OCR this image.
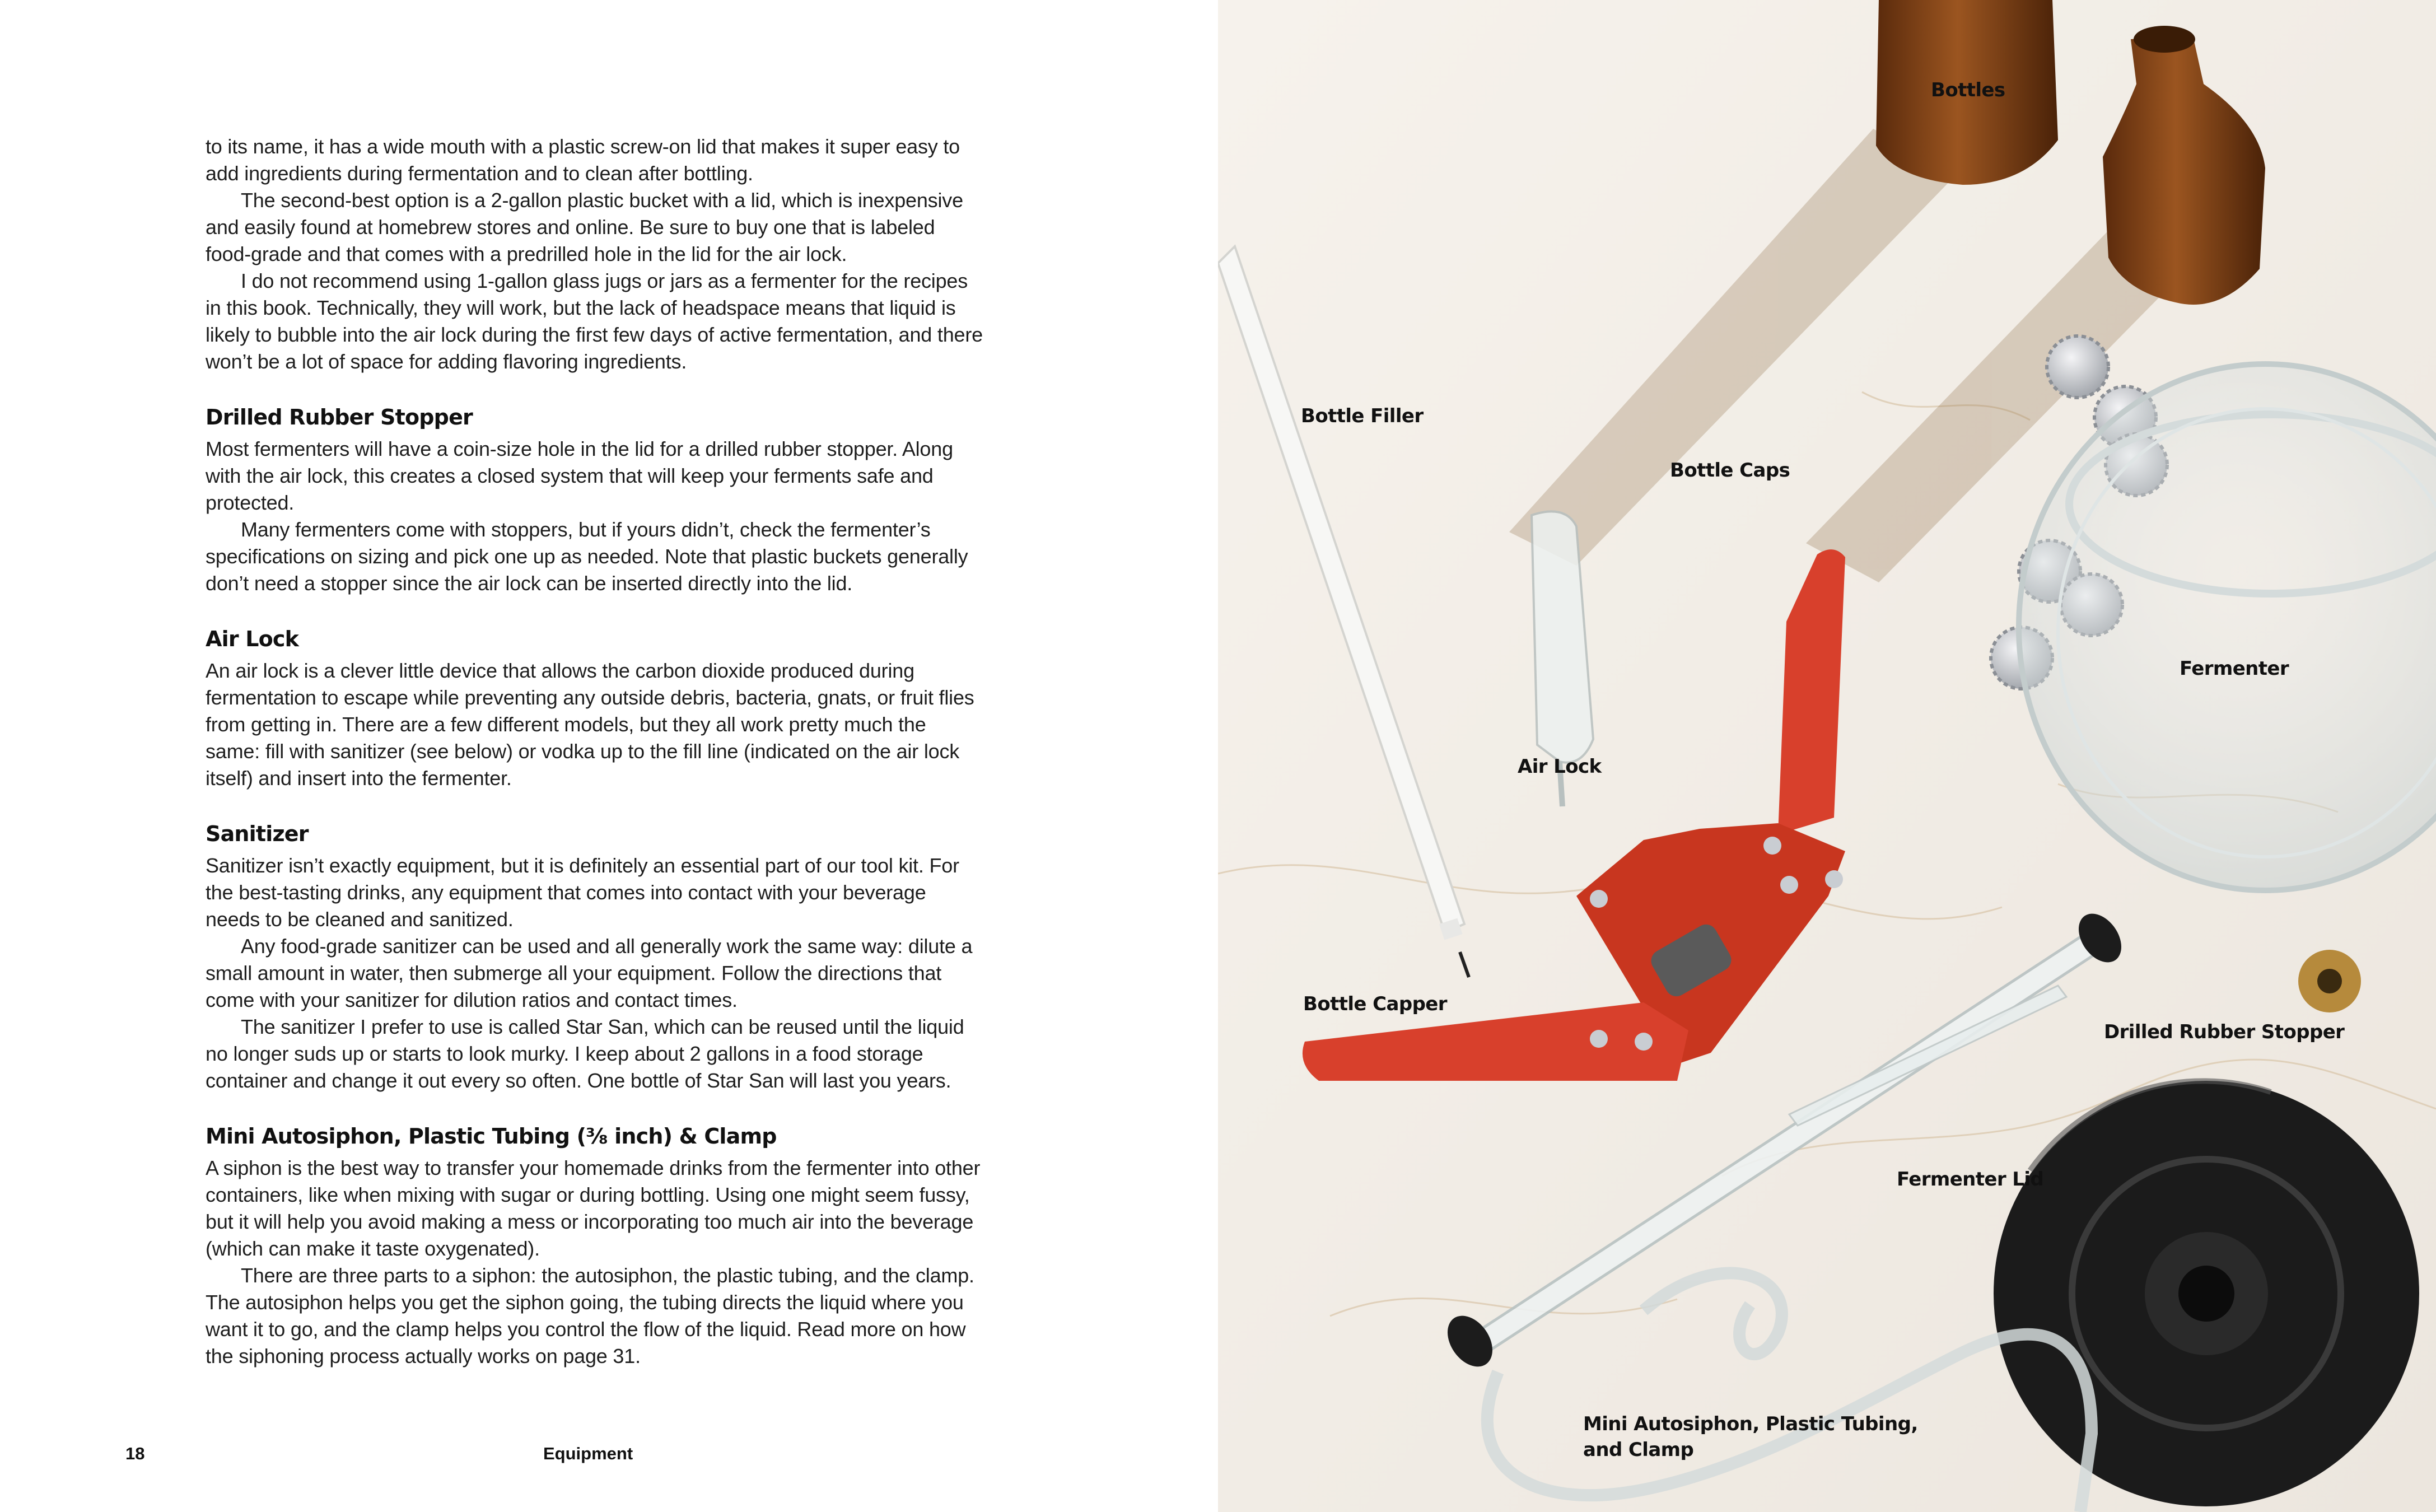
to its name, it has a wide mouth with a plastic screw-on lid that makes it super easy to add ingredients during fermentation and to clean after bottling.

The second-best option is a 2-gallon plastic bucket with a lid, which is inexpensive and easily found at homebrew stores and online. Be sure to buy one that is labeled food-grade and that comes with a predrilled hole in the lid for the air lock.

I do not recommend using 1-gallon glass jugs or jars as a fermenter for the recipes in this book. Technically, they will work, but the lack of headspace means that liquid is likely to bubble into the air lock during the first few days of active fermentation, and there won’t be a lot of space for adding flavoring ingredients.

Drilled Rubber Stopper

Most fermenters will have a coin-size hole in the lid for a drilled rubber stopper. Along with the air lock, this creates a closed system that will keep your ferments safe and protected.

Many fermenters come with stoppers, but if yours didn’t, check the fermenter’s specifications on sizing and pick one up as needed. Note that plastic buckets generally don’t need a stopper since the air lock can be inserted directly into the lid.

Air Lock

An air lock is a clever little device that allows the carbon dioxide produced during fermentation to escape while preventing any outside debris, bacteria, gnats, or fruit flies from getting in. There are a few different models, but they all work pretty much the same: fill with sanitizer (see below) or vodka up to the fill line (indicated on the air lock itself) and insert into the fermenter.

Sanitizer

Sanitizer isn’t exactly equipment, but it is definitely an essential part of our tool kit. For the best-tasting drinks, any equipment that comes into contact with your beverage needs to be cleaned and sanitized.

Any food-grade sanitizer can be used and all generally work the same way: dilute a small amount in water, then submerge all your equipment. Follow the directions that come with your sanitizer for dilution ratios and contact times.

The sanitizer I prefer to use is called Star San, which can be reused until the liquid no longer suds up or starts to look murky. I keep about 2 gallons in a food storage container and change it out every so often. One bottle of Star San will last you years.

Mini Autosiphon, Plastic Tubing (⅜ inch) & Clamp

A siphon is the best way to transfer your homemade drinks from the fermenter into other containers, like when mixing with sugar or during bottling. Using one might seem fussy, but it will help you avoid making a mess or incorporating too much air into the beverage (which can make it taste oxygenated).

There are three parts to a siphon: the autosiphon, the plastic tubing, and the clamp. The autosiphon helps you get the siphon going, the tubing directs the liquid where you want it to go, and the clamp helps you control the flow of the liquid. Read more on how the siphoning process actually works on page 31.

18	Equipment
Bottles
Bottle Filler
Bottle Caps
Fermenter
Air Lock
Bottle Capper
Drilled Rubber Stopper
Fermenter Lid
Mini Autosiphon, Plastic Tubing, and Clamp
